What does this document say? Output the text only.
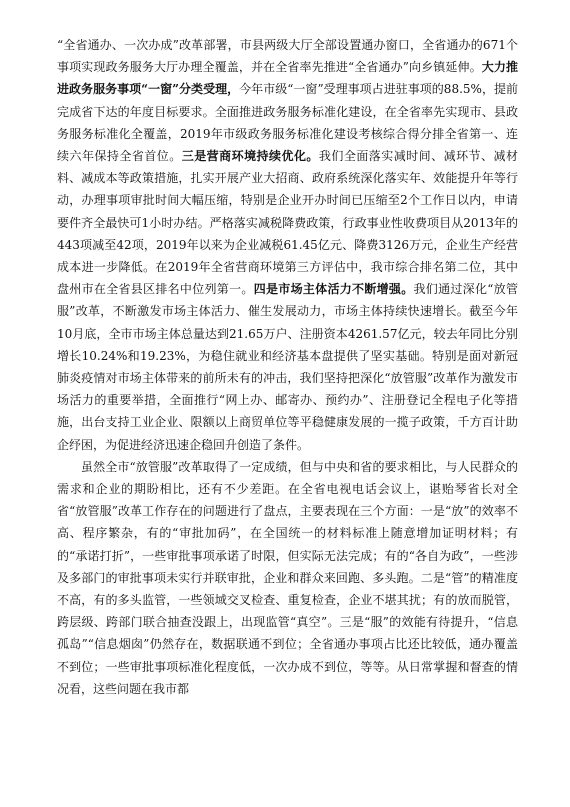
“全省通办、一次办成”改革部署，市县两级大厅全部设置通办窗口，全省通办的671个事项实现政务服务大厅办理全覆盖，并在全省率先推进“全省通办”向乡镇延伸。大力推进政务服务事项“一窗”分类受理，今年市级“一窗”受理事项占进驻事项的88.5%，提前完成省下达的年度目标要求。全面推进政务服务标准化建设，在全省率先实现市、县政务服务标准化全覆盖，2019年市级政务服务标准化建设考核综合得分排全省第一、连续六年保持全省首位。三是营商环境持续优化。我们全面落实减时间、减环节、减材料、减成本等政策措施，扎实开展产业大招商、政府系统深化落实年、效能提升年等行动，办理事项审批时间大幅压缩，特别是企业开办时间已压缩至2个工作日以内，申请要件齐全最快可1小时办结。严格落实减税降费政策，行政事业性收费项目从2013年的443项减至42项，2019年以来为企业减税61.45亿元、降费3126万元，企业生产经营成本进一步降低。在2019年全省营商环境第三方评估中，我市综合排名第二位，其中盘州市在全省县区排名中位列第一。四是市场主体活力不断增强。我们通过深化“放管服”改革，不断激发市场主体活力、催生发展动力，市场主体持续快速增长。截至今年10月底，全市市场主体总量达到21.65万户、注册资本4261.57亿元，较去年同比分别增长10.24%和19.23%，为稳住就业和经济基本盘提供了坚实基础。特别是面对新冠肺炎疫情对市场主体带来的前所未有的冲击，我们坚持把深化“放管服”改革作为激发市场活力的重要举措，全面推行“网上办、邮寄办、预约办”、注册登记全程电子化等措施，出台支持工业企业、限额以上商贸单位等平稳健康发展的一揽子政策，千方百计助企纾困，为促进经济迅速企稳回升创造了条件。

虽然全市“放管服”改革取得了一定成绩，但与中央和省的要求相比，与人民群众的需求和企业的期盼相比，还有不少差距。在全省电视电话会议上，谌贻琴省长对全省“放管服”改革工作存在的问题进行了盘点，主要表现在三个方面：一是“放”的效率不高、程序繁杂，有的“审批加码”，在全国统一的材料标准上随意增加证明材料；有的“承诺打折”，一些审批事项承诺了时限，但实际无法完成；有的“各自为政”，一些涉及多部门的审批事项未实行并联审批，企业和群众来回跑、多头跑。二是“管”的精准度不高，有的多头监管，一些领域交叉检查、重复检查，企业不堪其扰；有的放而脱管，跨层级、跨部门联合抽查没跟上，出现监管“真空”。三是“服”的效能有待提升，“信息孤岛”“信息烟囱”仍然存在，数据联通不到位；全省通办事项占比还比较低，通办覆盖不到位；一些审批事项标准化程度低，一次办成不到位，等等。从日常掌握和督查的情况看，这些问题在我市都
